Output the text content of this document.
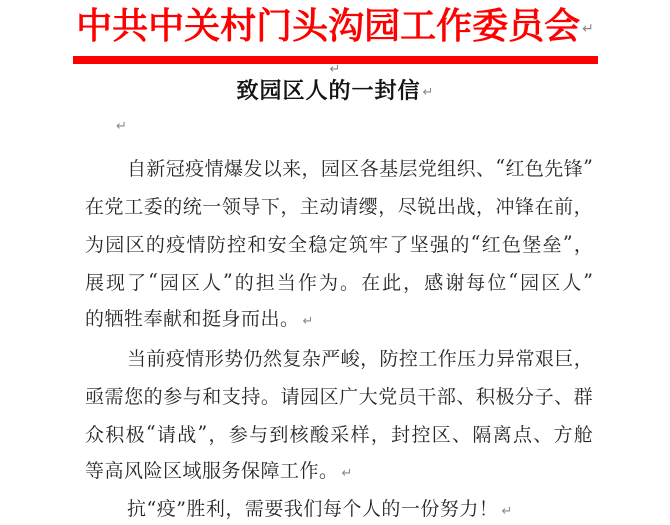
中共中关村门头沟园工作委员会 ↵
↵
致园区人的一封信 ↵
↵
自 新 冠 疫 情 爆 发 以 来 ， 园 区 各 基 层 党 组 织 、 “ 红 色 先 锋 ”
在 党 工 委 的 统 一 领 导 下 ， 主 动 请 缨 ， 尽 锐 出 战 ， 冲 锋 在 前 ，
为 园 区 的 疫 情 防 控 和 安 全 稳 定 筑 牢 了 坚 强 的 “ 红 色 堡 垒 ” ，
展 现 了 “ 园 区 人 ” 的 担 当 作 为 。 在 此 ， 感 谢 每 位 “ 园 区 人 ”
的牺牲奉献和挺身而出。 ↵
当 前 疫 情 形 势 仍 然 复 杂 严 峻 ， 防 控 工 作 压 力 异 常 艰 巨 ，
亟 需 您 的 参 与 和 支 持 。 请 园 区 广 大 党 员 干 部 、 积 极 分 子 、 群
众 积 极 “ 请 战 ” ， 参 与 到 核 酸 采 样 ， 封 控 区 、 隔 离 点 、 方 舱
等高风险区域服务保障工作。 ↵
抗“疫”胜利，需要我们每个人的一份努力！ ↵
